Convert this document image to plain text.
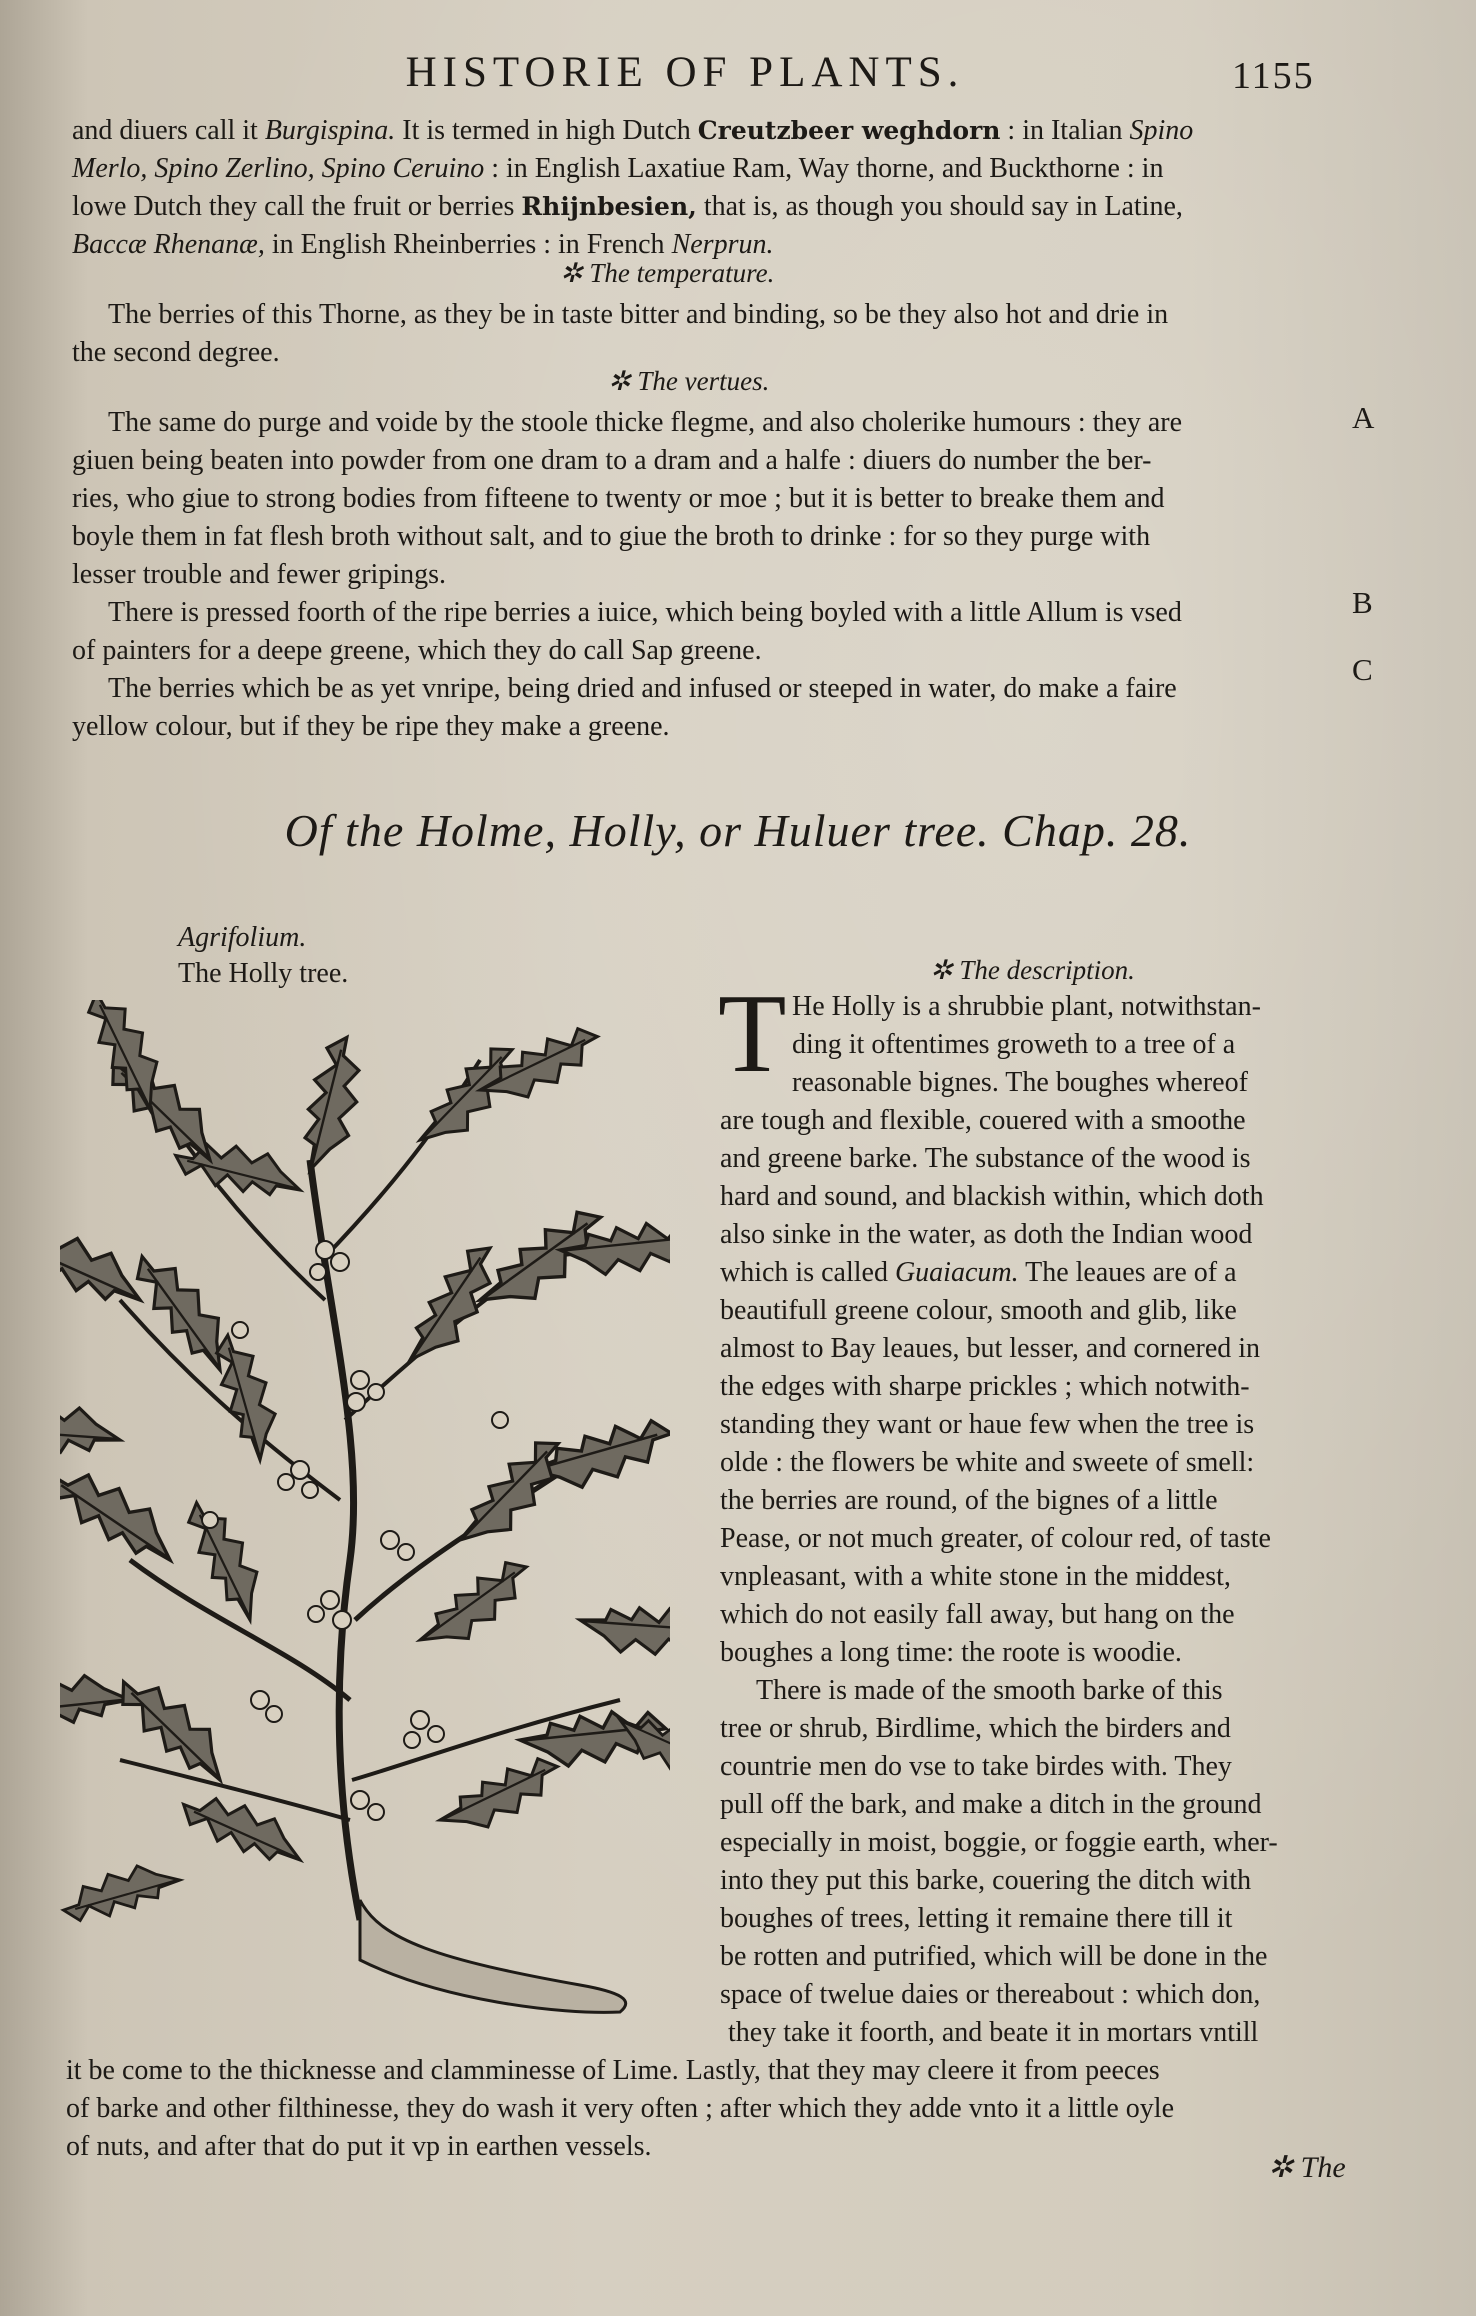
HISTORIE OF PLANTS.	1155
and diuers call it Burgispina. It is termed in high Dutch Creutzbeer weghdorn : in Italian Spino
Merlo, Spino Zerlino, Spino Ceruino : in English Laxatiue Ram, Way thorne, and Buckthorne : in
lowe Dutch they call the fruit or berries Rhijnbesien, that is, as though you should say in Latine,
Baccæ Rhenanæ, in English Rheinberries : in French Nerprun.
✲ The temperature.
The berries of this Thorne, as they be in taste bitter and binding, so be they also hot and drie in
the second degree.
✲ The vertues.
The same do purge and voide by the stoole thicke flegme, and also cholerike humours : they are
giuen being beaten into powder from one dram to a dram and a halfe : diuers do number the ber-
ries, who giue to strong bodies from fifteene to twenty or moe ; but it is better to breake them and
boyle them in fat flesh broth without salt, and to giue the broth to drinke : for so they purge with
lesser trouble and fewer gripings.
There is pressed foorth of the ripe berries a iuice, which being boyled with a little Allum is vsed
of painters for a deepe greene, which they do call Sap greene.
The berries which be as yet vnripe, being dried and infused or steeped in water, do make a faire
yellow colour, but if they be ripe they make a greene.
A
B
C
Of the Holme, Holly, or Huluer tree. Chap. 28.
Agrifolium.
The Holly tree.	✲ The description.
T He Holly is a shrubbie plant, notwithstan-
ding it oftentimes groweth to a tree of a
reasonable bignes. The boughes whereof
are tough and flexible, couered with a smoothe
and greene barke. The substance of the wood is
hard and sound, and blackish within, which doth
also sinke in the water, as doth the Indian wood
which is called Guaiacum. The leaues are of a
beautifull greene colour, smooth and glib, like
almost to Bay leaues, but lesser, and cornered in
the edges with sharpe prickles ; which notwith-
standing they want or haue few when the tree is
olde : the flowers be white and sweete of smell:
the berries are round, of the bignes of a little
Pease, or not much greater, of colour red, of taste
vnpleasant, with a white stone in the middest,
which do not easily fall away, but hang on the
boughes a long time: the roote is woodie.
There is made of the smooth barke of this
tree or shrub, Birdlime, which the birders and
countrie men do vse to take birdes with. They
pull off the bark, and make a ditch in the ground
especially in moist, boggie, or foggie earth, wher-
into they put this barke, couering the ditch with
boughes of trees, letting it remaine there till it
be rotten and putrified, which will be done in the
space of twelue daies or thereabout : which don,
they take it foorth, and beate it in mortars vntill
it be come to the thicknesse and clamminesse of Lime. Lastly, that they may cleere it from peeces
of barke and other filthinesse, they do wash it very often ; after which they adde vnto it a little oyle
of nuts, and after that do put it vp in earthen vessels.
✲ The
